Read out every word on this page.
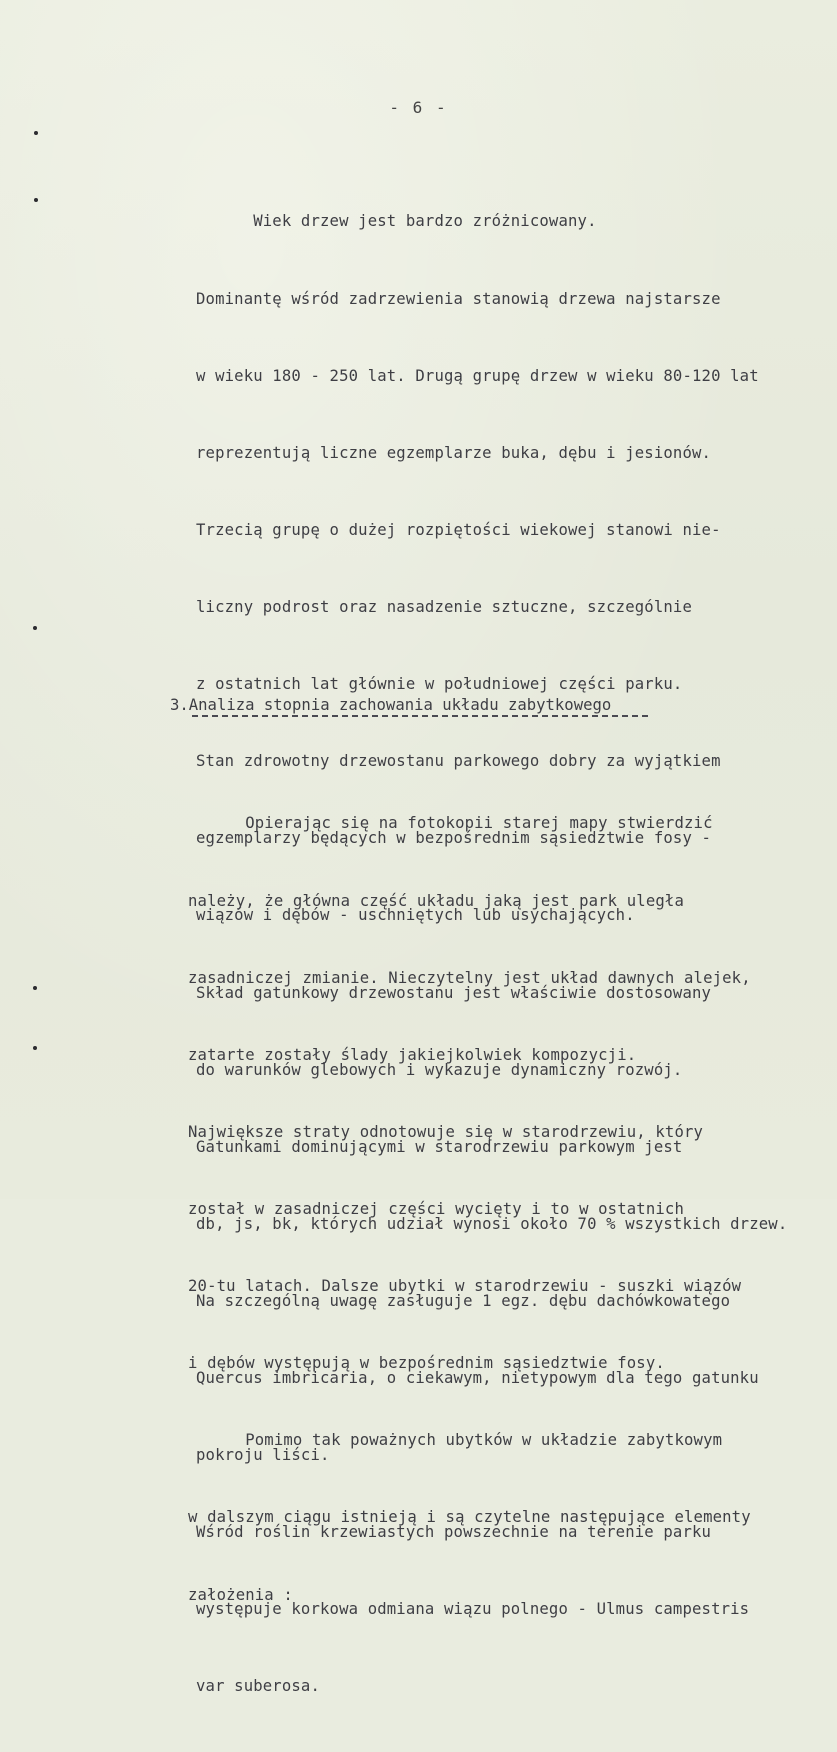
- 6 -

Wiek drzew jest bardzo zróżnicowany.

Dominantę wśród zadrzewienia stanowią drzewa najstarsze

w wieku 180 - 250 lat. Drugą grupę drzew w wieku 80-120 lat

reprezentują liczne egzemplarze buka, dębu i jesionów.

Trzecią grupę o dużej rozpiętości wiekowej stanowi nie-

liczny podrost oraz nasadzenie sztuczne, szczególnie

z ostatnich lat głównie w południowej części parku.

Stan zdrowotny drzewostanu parkowego dobry za wyjątkiem

egzemplarzy będących w bezpośrednim sąsiedztwie fosy -

wiązów i dębów - uschniętych lub usychających.

Skład gatunkowy drzewostanu jest właściwie dostosowany

do warunków glebowych i wykazuje dynamiczny rozwój.

Gatunkami dominującymi w starodrzewiu parkowym jest

db, js, bk, których udział wynosi około 70 % wszystkich drzew.

Na szczególną uwagę zasługuje 1 egz. dębu dachówkowatego

Quercus imbricaria, o ciekawym, nietypowym dla tego gatunku

pokroju liści.

Wśród roślin krzewiastych powszechnie na terenie parku

występuje korkowa odmiana wiązu polnego - Ulmus campestris

var suberosa.

3.Analiza stopnia zachowania układu zabytkowego

Opierając się na fotokopii starej mapy stwierdzić

należy, że główna część układu jaką jest park uległa

zasadniczej zmianie. Nieczytelny jest układ dawnych alejek,

zatarte zostały ślady jakiejkolwiek kompozycji.

Największe straty odnotowuje się w starodrzewiu, który

został w zasadniczej części wycięty i to w ostatnich

20-tu latach. Dalsze ubytki w starodrzewiu - suszki wiązów

i dębów występują w bezpośrednim sąsiedztwie fosy.

Pomimo tak poważnych ubytków w układzie zabytkowym

w dalszym ciągu istnieją i są czytelne następujące elementy

założenia :
